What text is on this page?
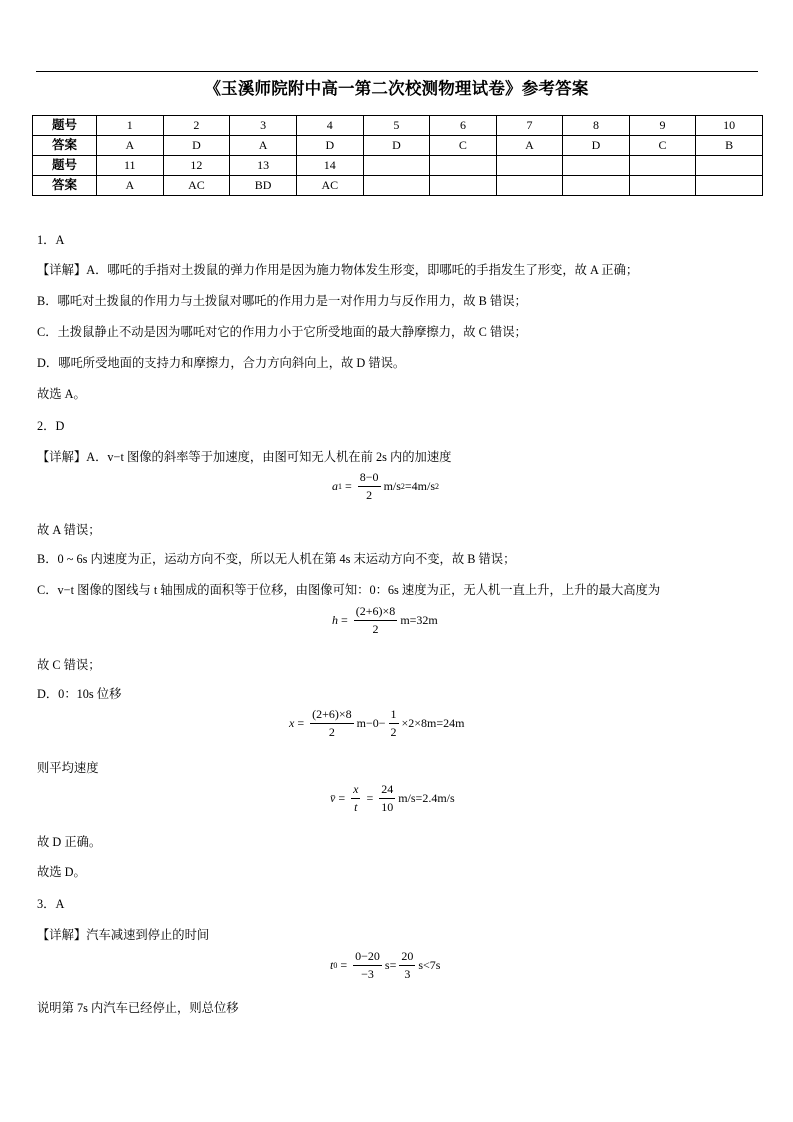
《玉溪师院附中高一第二次校测物理试卷》参考答案
题号	1	2	3	4	5	6	7	8	9	10
答案	A	D	A	D	D	C	A	D	C	B
题号	11	12	13	14						
答案	A	AC	BD	AC						
1．A
【详解】A．哪吒的手指对土拨鼠的弹力作用是因为施力物体发生形变，即哪吒的手指发生了形变，故 A 正确；
B．哪吒对土拨鼠的作用力与土拨鼠对哪吒的作用力是一对作用力与反作用力，故 B 错误；
C．土拨鼠静止不动是因为哪吒对它的作用力小于它所受地面的最大静摩擦力，故 C 错误；
D．哪吒所受地面的支持力和摩擦力，合力方向斜向上，故 D 错误。
故选 A。
2．D
【详解】A．v−t 图像的斜率等于加速度，由图可知无人机在前 2s 内的加速度
a $1 = \frac{8-0}{2} m/s$ 2 =4m/s 2
故 A 错误；
B．0 ~ 6s 内速度为正，运动方向不变，所以无人机在第 4s 末运动方向不变，故 B 错误；
C．v−t 图像的图线与 t 轴围成的面积等于位移，由图像可知：0：6s 速度为正，无人机一直上升，上升的最大高度为
$h = \frac{(2+6)\times 8}{2} m=32m$
故 C 错误；
D．0：10s 位移
$x = \frac{(2+6)\times 8}{2} m-0- \frac{1}{2} \times 2\times 8m=24m$
则平均速度
v̄ = $\frac{x}{t} = \frac{24}{10} m/s=2.4m/s$
故 D 正确。
故选 D。
3．A
【详解】汽车减速到停止的时间
t $0 = \frac{0-20}{-3} s= \frac{20}{3} s<7s$
说明第 7s 内汽车已经停止，则总位移
